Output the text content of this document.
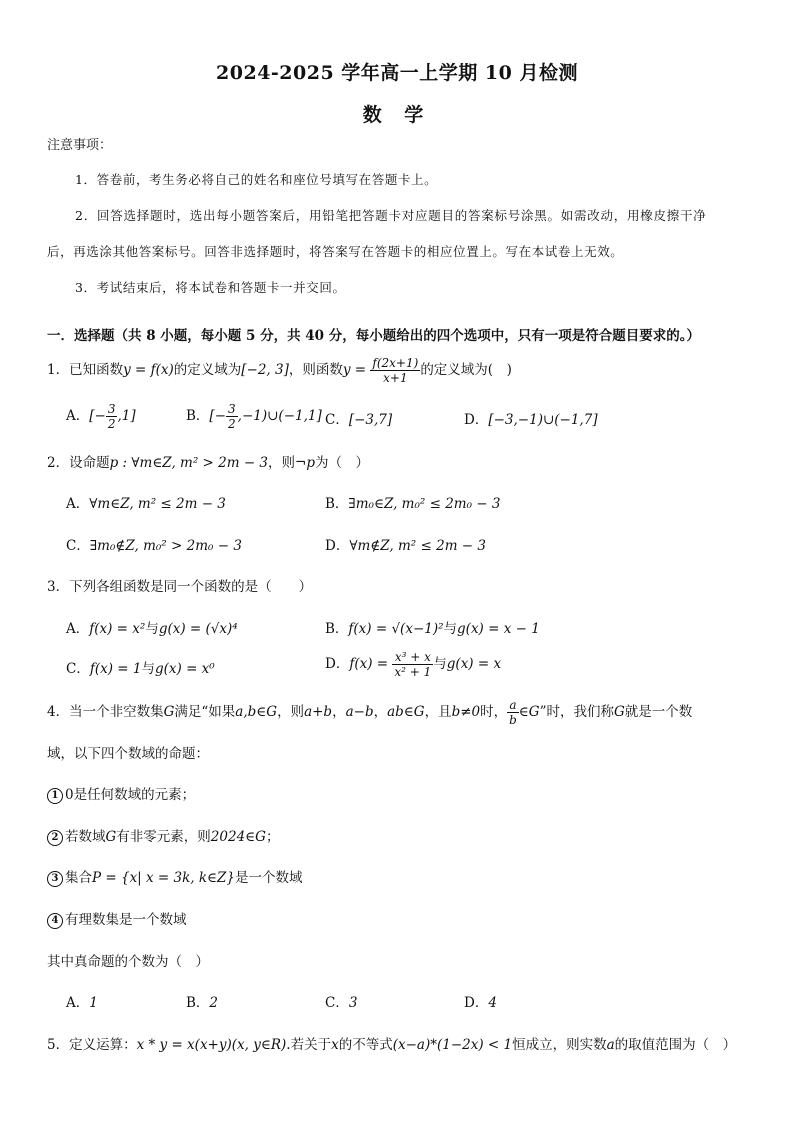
2024-2025 学年高一上学期 10 月检测
数 学
注意事项：
1．答卷前，考生务必将自己的姓名和座位号填写在答题卡上。
2．回答选择题时，选出每小题答案后，用铅笔把答题卡对应题目的答案标号涂黑。如需改动，用橡皮擦干净
后，再选涂其他答案标号。回答非选择题时，将答案写在答题卡的相应位置上。写在本试卷上无效。
3．考试结束后，将本试卷和答题卡一并交回。
一．选择题（共 8 小题，每小题 5 分，共 40 分，每小题给出的四个选项中，只有一项是符合题目要求的。）
1．已知函数y = f(x)的定义域为[−2, 3]，则函数$y = \frac{f(2x+1)}{x+1}$ 的定义域为(　)
A．[− $\frac{3}{2} ,1$]	B．[− $\frac{3}{2}$ ,−1)∪(−1,1] C．[−3,7]	D．[−3,−1)∪(−1,7]
2．设命题p : ∀m∈Z, m² > 2m − 3，则¬p为（　）
A．∀m∈Z, m² ≤ 2m − 3	B．∃m₀∈Z, m₀² ≤ 2m₀ − 3
C．∃m₀∉Z, m₀² > 2m₀ − 3	D．∀m∉Z, m² ≤ 2m − 3
3．下列各组函数是同一个函数的是（　　）
A．f(x) = x²与g(x) = (√x)⁴	B．f(x) = √(x−1)²与g(x) = x − 1
C．f(x) = 1与g(x) = x⁰	D．$f(x) = \frac{\text{x³ + x}}{\text{x² + 1}}$ 与g(x) = x
4．当一个非空数集G满足“如果a,b∈G，则a+b，a−b，ab∈G，且b≠0时， $\frac{a}{b}$ ∈G”时，我们称G就是一个数
域，以下四个数域的命题：
1 0是任何数域的元素；
2 若数域G有非零元素，则2024∈G；
3 集合P = {x| x = 3k, k∈Z}是一个数域
4 有理数集是一个数域
其中真命题的个数为（　）
A．1	B．2	C．3	D．4
5．定义运算：x * y = x(x+y)(x, y∈R).若关于x的不等式(x−a)*(1−2x) < 1恒成立，则实数a的取值范围为（　）
